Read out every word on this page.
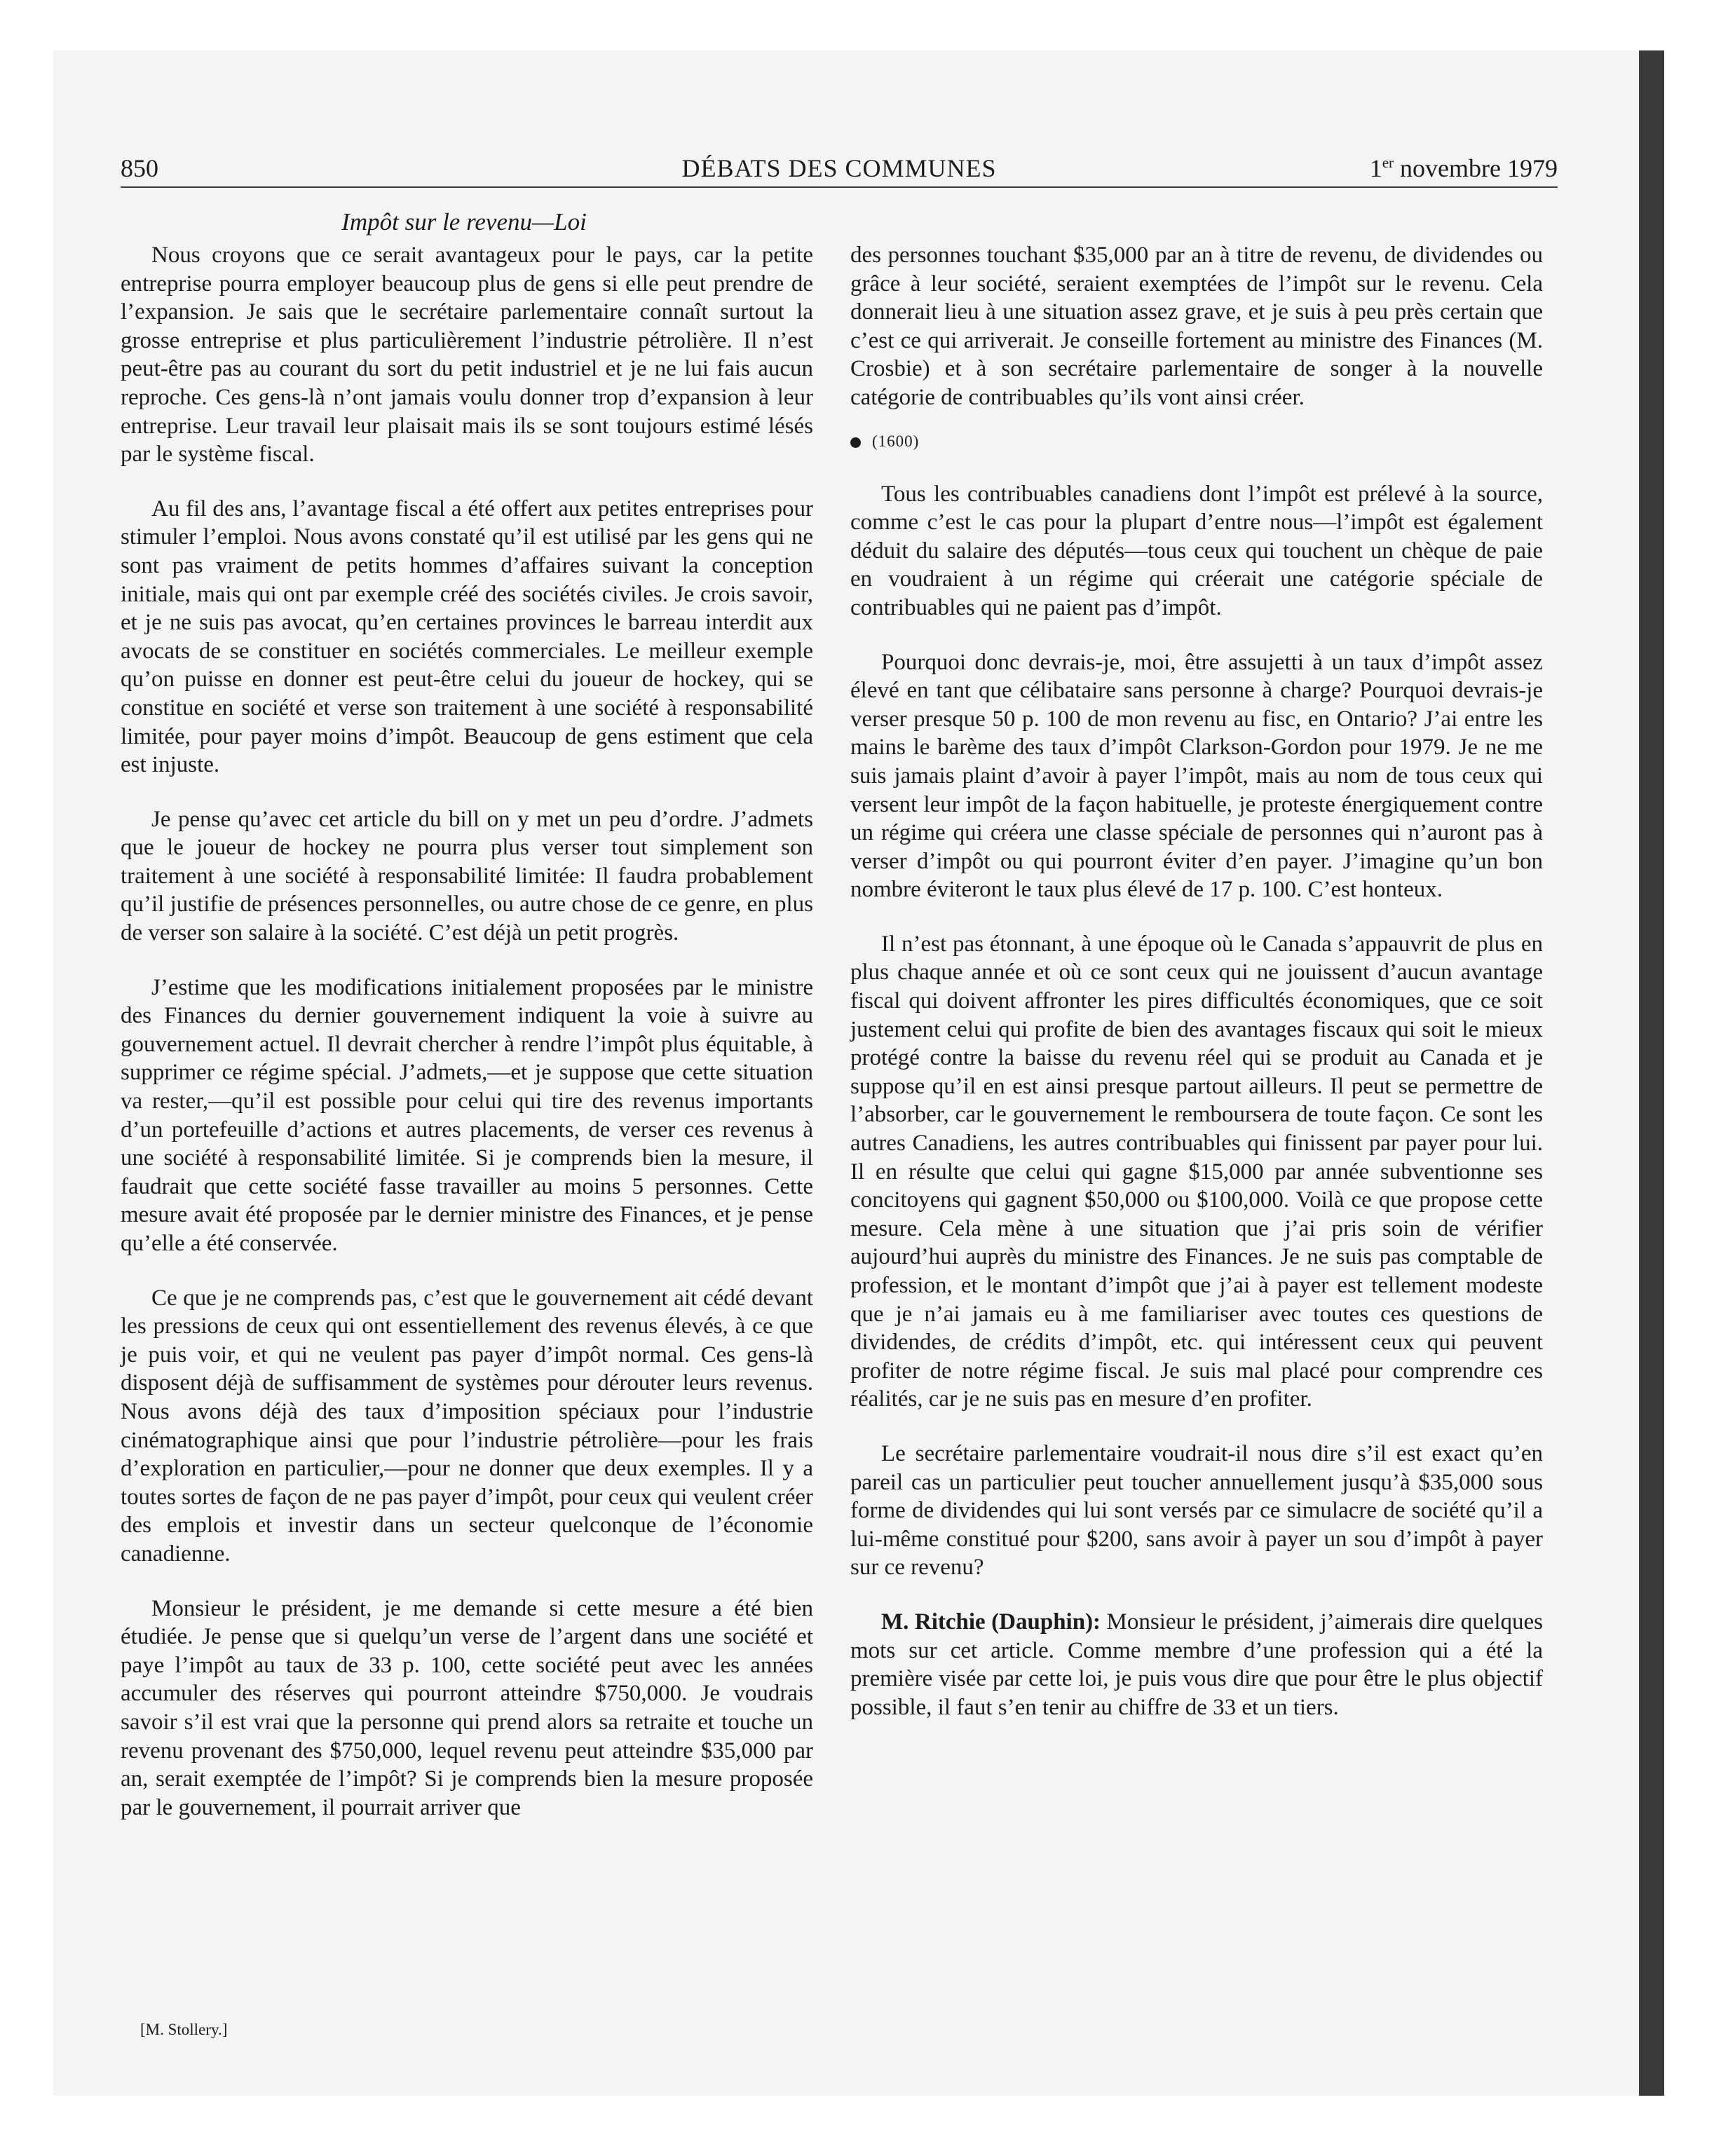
850	DÉBATS DES COMMUNES	1er novembre 1979
Impôt sur le revenu—Loi

Nous croyons que ce serait avantageux pour le pays, car la petite entreprise pourra employer beaucoup plus de gens si elle peut prendre de l’expansion. Je sais que le secrétaire parlementaire connaît surtout la grosse entreprise et plus particulièrement l’industrie pétrolière. Il n’est peut-être pas au courant du sort du petit industriel et je ne lui fais aucun reproche. Ces gens-là n’ont jamais voulu donner trop d’expansion à leur entreprise. Leur travail leur plaisait mais ils se sont toujours estimé lésés par le système fiscal.

Au fil des ans, l’avantage fiscal a été offert aux petites entreprises pour stimuler l’emploi. Nous avons constaté qu’il est utilisé par les gens qui ne sont pas vraiment de petits hommes d’affaires suivant la conception initiale, mais qui ont par exemple créé des sociétés civiles. Je crois savoir, et je ne suis pas avocat, qu’en certaines provinces le barreau interdit aux avocats de se constituer en sociétés commerciales. Le meilleur exemple qu’on puisse en donner est peut-être celui du joueur de hockey, qui se constitue en société et verse son traitement à une société à responsabilité limitée, pour payer moins d’impôt. Beaucoup de gens estiment que cela est injuste.

Je pense qu’avec cet article du bill on y met un peu d’ordre. J’admets que le joueur de hockey ne pourra plus verser tout simplement son traitement à une société à responsabilité limitée: Il faudra probablement qu’il justifie de présences personnelles, ou autre chose de ce genre, en plus de verser son salaire à la société. C’est déjà un petit progrès.

J’estime que les modifications initialement proposées par le ministre des Finances du dernier gouvernement indiquent la voie à suivre au gouvernement actuel. Il devrait chercher à rendre l’impôt plus équitable, à supprimer ce régime spécial. J’admets,—et je suppose que cette situation va rester,—qu’il est possible pour celui qui tire des revenus importants d’un portefeuille d’actions et autres placements, de verser ces revenus à une société à responsabilité limitée. Si je comprends bien la mesure, il faudrait que cette société fasse travailler au moins 5 personnes. Cette mesure avait été proposée par le dernier ministre des Finances, et je pense qu’elle a été conservée.

Ce que je ne comprends pas, c’est que le gouvernement ait cédé devant les pressions de ceux qui ont essentiellement des revenus élevés, à ce que je puis voir, et qui ne veulent pas payer d’impôt normal. Ces gens-là disposent déjà de suffisamment de systèmes pour dérouter leurs revenus. Nous avons déjà des taux d’imposition spéciaux pour l’industrie cinématographique ainsi que pour l’industrie pétrolière—pour les frais d’exploration en particulier,—pour ne donner que deux exemples. Il y a toutes sortes de façon de ne pas payer d’impôt, pour ceux qui veulent créer des emplois et investir dans un secteur quelconque de l’économie canadienne.

Monsieur le président, je me demande si cette mesure a été bien étudiée. Je pense que si quelqu’un verse de l’argent dans une société et paye l’impôt au taux de 33 p. 100, cette société peut avec les années accumuler des réserves qui pourront atteindre $750,000. Je voudrais savoir s’il est vrai que la personne qui prend alors sa retraite et touche un revenu provenant des $750,000, lequel revenu peut atteindre $35,000 par an, serait exemptée de l’impôt? Si je comprends bien la mesure proposée par le gouvernement, il pourrait arriver que

[M. Stollery.]

des personnes touchant $35,000 par an à titre de revenu, de dividendes ou grâce à leur société, seraient exemptées de l’impôt sur le revenu. Cela donnerait lieu à une situation assez grave, et je suis à peu près certain que c’est ce qui arriverait. Je conseille fortement au ministre des Finances (M. Crosbie) et à son secrétaire parlementaire de songer à la nouvelle catégorie de contribuables qu’ils vont ainsi créer.

(1600)

Tous les contribuables canadiens dont l’impôt est prélevé à la source, comme c’est le cas pour la plupart d’entre nous—l’impôt est également déduit du salaire des députés—tous ceux qui touchent un chèque de paie en voudraient à un régime qui créerait une catégorie spéciale de contribuables qui ne paient pas d’impôt.

Pourquoi donc devrais-je, moi, être assujetti à un taux d’impôt assez élevé en tant que célibataire sans personne à charge? Pourquoi devrais-je verser presque 50 p. 100 de mon revenu au fisc, en Ontario? J’ai entre les mains le barème des taux d’impôt Clarkson-Gordon pour 1979. Je ne me suis jamais plaint d’avoir à payer l’impôt, mais au nom de tous ceux qui versent leur impôt de la façon habituelle, je proteste énergiquement contre un régime qui créera une classe spéciale de personnes qui n’auront pas à verser d’impôt ou qui pourront éviter d’en payer. J’imagine qu’un bon nombre éviteront le taux plus élevé de 17 p. 100. C’est honteux.

Il n’est pas étonnant, à une époque où le Canada s’appauvrit de plus en plus chaque année et où ce sont ceux qui ne jouissent d’aucun avantage fiscal qui doivent affronter les pires difficultés économiques, que ce soit justement celui qui profite de bien des avantages fiscaux qui soit le mieux protégé contre la baisse du revenu réel qui se produit au Canada et je suppose qu’il en est ainsi presque partout ailleurs. Il peut se permettre de l’absorber, car le gouvernement le remboursera de toute façon. Ce sont les autres Canadiens, les autres contribuables qui finissent par payer pour lui. Il en résulte que celui qui gagne $15,000 par année subventionne ses concitoyens qui gagnent $50,000 ou $100,000. Voilà ce que propose cette mesure. Cela mène à une situation que j’ai pris soin de vérifier aujourd’hui auprès du ministre des Finances. Je ne suis pas comptable de profession, et le montant d’impôt que j’ai à payer est tellement modeste que je n’ai jamais eu à me familiariser avec toutes ces questions de dividendes, de crédits d’impôt, etc. qui intéressent ceux qui peuvent profiter de notre régime fiscal. Je suis mal placé pour comprendre ces réalités, car je ne suis pas en mesure d’en profiter.

Le secrétaire parlementaire voudrait-il nous dire s’il est exact qu’en pareil cas un particulier peut toucher annuellement jusqu’à $35,000 sous forme de dividendes qui lui sont versés par ce simulacre de société qu’il a lui-même constitué pour $200, sans avoir à payer un sou d’impôt à payer sur ce revenu?

M. Ritchie (Dauphin): Monsieur le président, j’aimerais dire quelques mots sur cet article. Comme membre d’une profession qui a été la première visée par cette loi, je puis vous dire que pour être le plus objectif possible, il faut s’en tenir au chiffre de 33 et un tiers.
